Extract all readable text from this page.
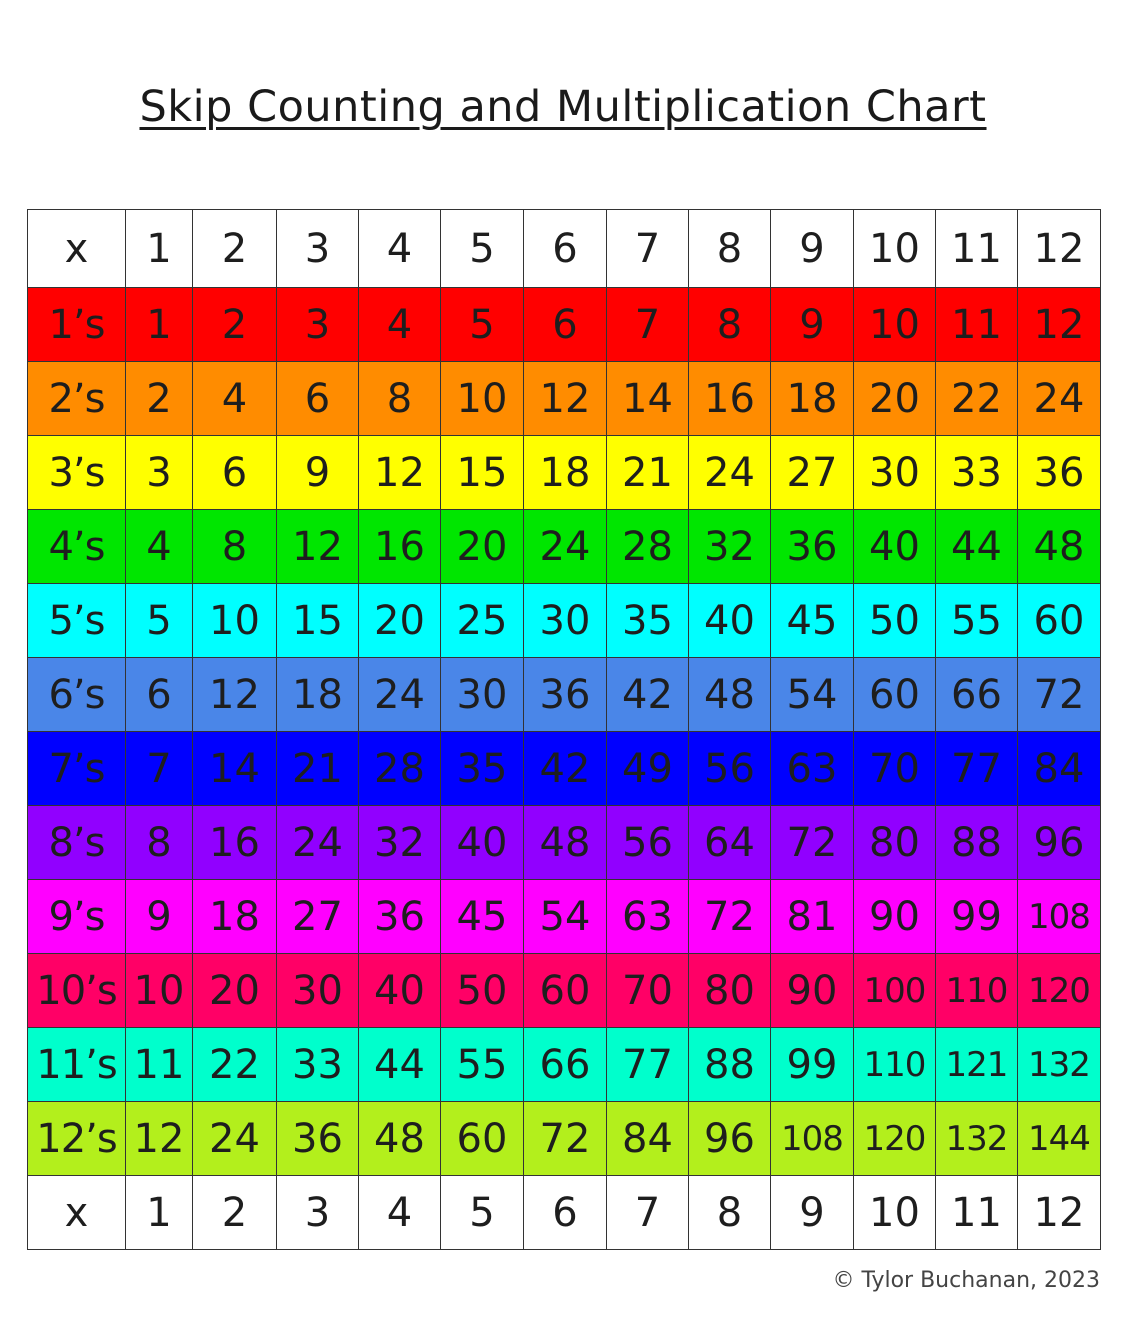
Skip Counting and Multiplication Chart
x	1	2	3	4	5	6	7	8	9	10	11	12
1’s	1	2	3	4	5	6	7	8	9	10	11	12
2’s	2	4	6	8	10	12	14	16	18	20	22	24
3’s	3	6	9	12	15	18	21	24	27	30	33	36
4’s	4	8	12	16	20	24	28	32	36	40	44	48
5’s	5	10	15	20	25	30	35	40	45	50	55	60
6’s	6	12	18	24	30	36	42	48	54	60	66	72
7’s	7	14	21	28	35	42	49	56	63	70	77	84
8’s	8	16	24	32	40	48	56	64	72	80	88	96
9’s	9	18	27	36	45	54	63	72	81	90	99	108
10’s	10	20	30	40	50	60	70	80	90	100	110	120
11’s	11	22	33	44	55	66	77	88	99	110	121	132
12’s	12	24	36	48	60	72	84	96	108	120	132	144
x	1	2	3	4	5	6	7	8	9	10	11	12
© Tylor Buchanan, 2023
